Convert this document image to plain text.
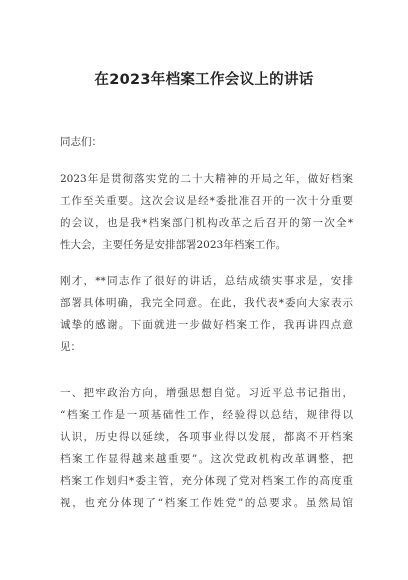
在2023年档案工作会议上的讲话
同志们：
2023年是贯彻落实党的二十大精神的开局之年，做好档案
工作至关重要。这次会议是经*委批准召开的一次十分重要
的会议，也是我*档案部门机构改革之后召开的第一次全*
性大会，主要任务是安排部署2023年档案工作。
刚才，**同志作了很好的讲话，总结成绩实事求是，安排
部署具体明确，我完全同意。在此，我代表*委向大家表示
诚挚的感谢。下面就进一步做好档案工作，我再讲四点意
见：
一、把牢政治方向，增强思想自觉。习近平总书记指出，
“档案工作是一项基础性工作，经验得以总结，规律得以
认识，历史得以延续，各项事业得以发展，都离不开档案
档案工作显得越来越重要”。这次党政机构改革调整，把
档案工作划归*委主管，充分体现了党对档案工作的高度重
视，也充分体现了“档案工作姓党”的总要求。虽然局馆
